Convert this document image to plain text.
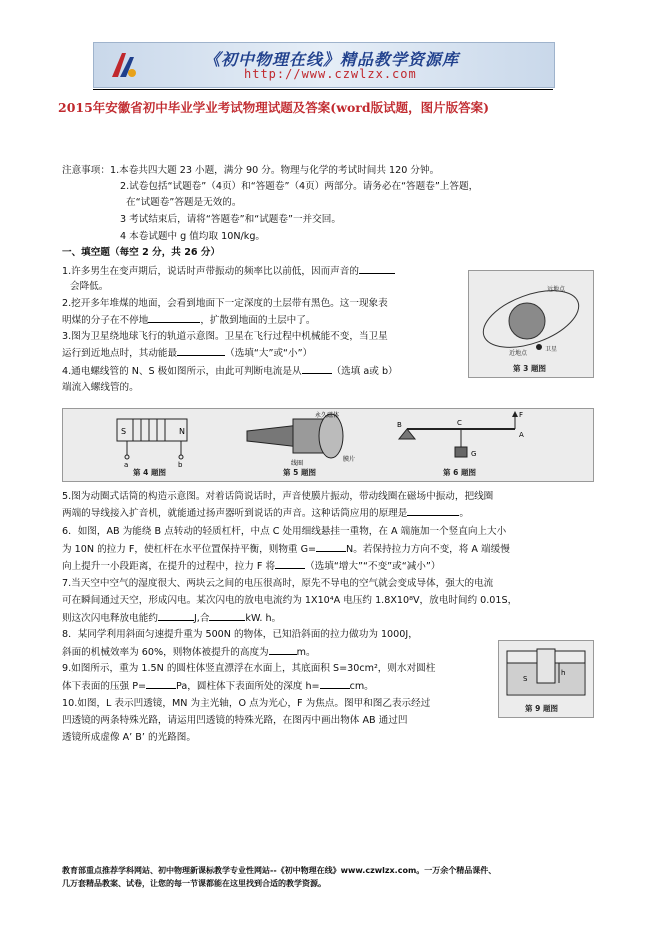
《初中物理在线》精品教学资源库
http://www.czwlzx.com
2015年安徽省初中毕业学业考试物理试题及答案(word版试题，图片版答案)
注意事项：1.本卷共四大题 23 小题，满分 90 分。物理与化学的考试时间共 120 分钟。
2.试卷包括“试题卷”（4页）和“答题卷”（4页）两部分。请务必在“答题卷”上答题，
在“试题卷”答题是无效的。
3 考试结束后，请将“答题卷”和“试题卷”一并交回。
4 本卷试题中 g 值均取 10N/kg。
一、填空题（每空 2 分，共 26 分）
1.许多男生在变声期后，说话时声带振动的频率比以前低，因而声音的
会降低。
2.挖开多年堆煤的地面，会看到地面下一定深度的土层带有黑色。这一现象表
明煤的分子在不停地	，扩散到地面的土层中了。
3.图为卫星绕地球飞行的轨道示意图。卫星在飞行过程中机械能不变，当卫星
运行到近地点时，其动能最	（选填“大”或“小”）
4.通电螺线管的 N、S 极如图所示，由此可判断电流是从	（选填 a或 b）
端流入螺线管的。
远地点
卫星
近地点
第 3 题图
S	N
a	b
永久磁体
线圈
膜片
B	C
A
F
G
第 4 题图	第 5 题图	第 6 题图
5.图为动圈式话筒的构造示意图。对着话筒说话时，声音使膜片振动，带动线圈在磁场中振动，把线圈
两端的导线接入扩音机，就能通过扬声器听到说话的声音。这种话筒应用的原理是	。
6．如图，AB 为能绕 B 点转动的轻质杠杆，中点 C 处用细线悬挂一重物，在 A 端施加一个竖直向上大小
为 10N 的拉力 F，使杠杆在水平位置保持平衡，则物重 G=	N。若保持拉力方向不变，将 A 端缓慢
向上提升一小段距离，在提升的过程中，拉力 F 将	（选填“增大”“不变”或“减小”）
7.当天空中空气的湿度很大、两块云之间的电压很高时，原先不导电的空气就会变成导体，强大的电流
可在瞬间通过天空，形成闪电。某次闪电的放电电流约为 1X10⁴A 电压约 1.8X10⁸V，放电时间约 0.01S，
则这次闪电释放电能约	J,合	kW. h。
8．某同学利用斜面匀速提升重为 500N 的物体，已知沿斜面的拉力做功为 1000J，
斜面的机械效率为 60%，则物体被提升的高度为	m。
9.如图所示，重为 1.5N 的圆柱体竖直漂浮在水面上，其底面积 S=30cm²，则水对圆柱
体下表面的压强 P=	Pa，圆柱体下表面所处的深度 h=	cm。
10.如图，L 表示凹透镜，MN 为主光轴，O 点为光心，F 为焦点。图甲和图乙表示经过
凹透镜的两条特殊光路，请运用凹透镜的特殊光路，在图丙中画出物体 AB 通过凹
透镜所成虚像 A’ B’ 的光路图。
S
h
第 9 题图
教育部重点推荐学科网站、初中物理新课标教学专业性网站--《初中物理在线》www.czwlzx.com。一万余个精品课件、
几万套精品教案、试卷，让您的每一节课都能在这里找到合适的教学资源。
